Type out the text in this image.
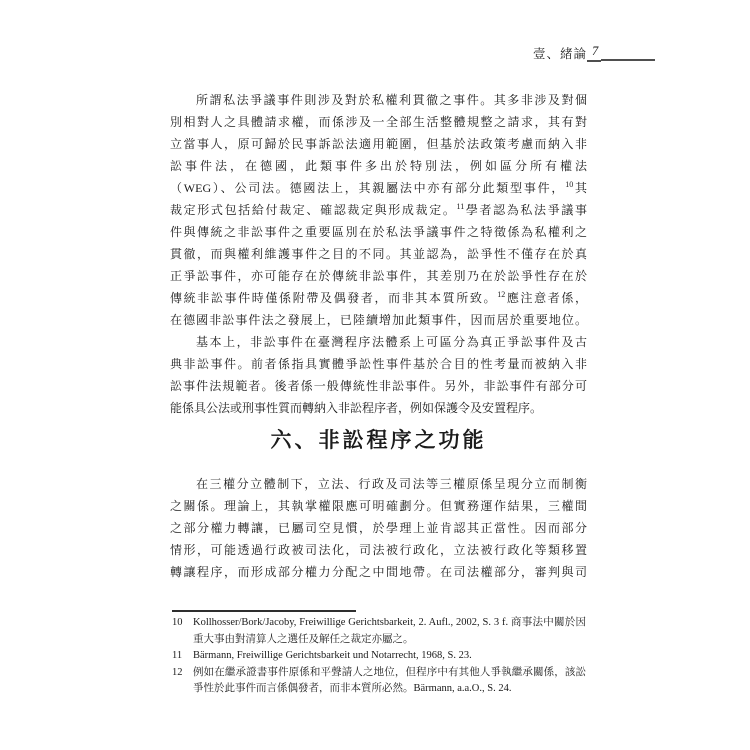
壹、緒論 7
所謂私法爭議事件則涉及對於私權利貫徹之事件。其多非涉及對個
別相對人之具體請求權，而係涉及一全部生活整體規整之請求，其有對
立當事人，原可歸於民事訴訟法適用範圍，但基於法政策考慮而納入非
訟事件法，在德國，此類事件多出於特別法，例如區分所有權法
（WEG）、公司法。德國法上，其親屬法中亦有部分此類型事件，$^{10}$其
裁定形式包括給付裁定、確認裁定與形成裁定。$^{11}$學者認為私法爭議事
件與傳統之非訟事件之重要區別在於私法爭議事件之特徵係為私權利之
貫徹，而與權利維護事件之目的不同。其並認為，訟爭性不僅存在於真
正爭訟事件，亦可能存在於傳統非訟事件，其差別乃在於訟爭性存在於
傳統非訟事件時僅係附帶及偶發者，而非其本質所致。$^{12}$應注意者係，
在德國非訟事件法之發展上，已陸續增加此類事件，因而居於重要地位。
基本上，非訟事件在臺灣程序法體系上可區分為真正爭訟事件及古
典非訟事件。前者係指具實體爭訟性事件基於合目的性考量而被納入非
訟事件法規範者。後者係一般傳統性非訟事件。另外，非訟事件有部分可
能係具公法或刑事性質而轉納入非訟程序者，例如保護令及安置程序。
六、非訟程序之功能
在三權分立體制下，立法、行政及司法等三權原係呈現分立而制衡
之關係。理論上，其執掌權限應可明確劃分。但實務運作結果，三權間
之部分權力轉讓，已屬司空見慣，於學理上並肯認其正當性。因而部分
情形，可能透過行政被司法化，司法被行政化，立法被行政化等類移置
轉讓程序，而形成部分權力分配之中間地帶。在司法權部分，審判與司
10	Kollhosser/Bork/Jacoby, Freiwillige Gerichtsbarkeit, 2. Aufl., 2002, S. 3 f. 商事法中關於因重大事由對清算人之選任及解任之裁定亦屬之。
11	Bärmann, Freiwillige Gerichtsbarkeit und Notarrecht, 1968, S. 23.
12	例如在繼承證書事件原係和平聲請人之地位，但程序中有其他人爭執繼承關係，該訟爭性於此事件而言係偶發者，而非本質所必然。Bärmann, a.a.O., S. 24.
